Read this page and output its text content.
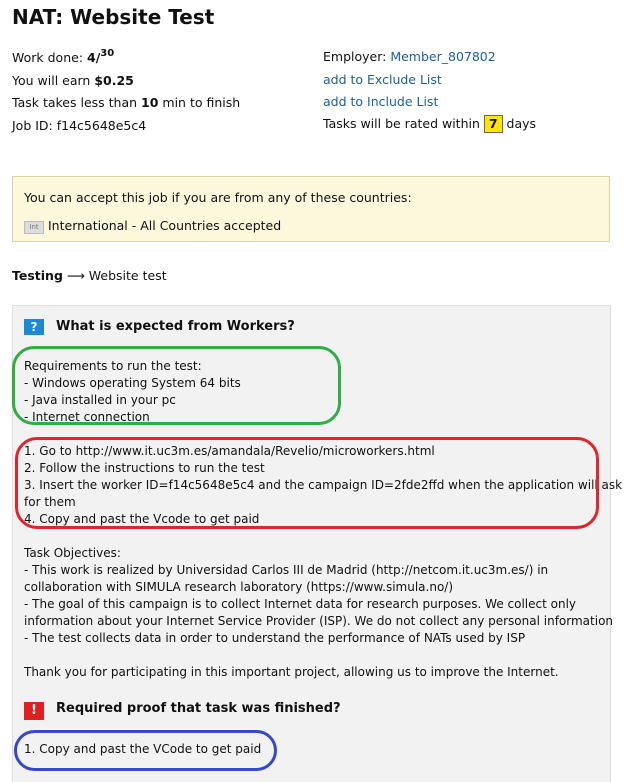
NAT: Website Test
Work done: 4/$^{30}$
You will earn $0.25
Task takes less than 10 min to finish
Job ID: f14c5648e5c4
Employer: Member_807802
add to Exclude List
add to Include List
Tasks will be rated within 7 days
You can accept this job if you are from any of these countries:
Int International - All Countries accepted
Testing ⟶ Website test
? What is expected from Workers?
Requirements to run the test:
- Windows operating System 64 bits
- Java installed in your pc
- Internet connection
1. Go to http://www.it.uc3m.es/amandala/Revelio/microworkers.html
2. Follow the instructions to run the test
3. Insert the worker ID=f14c5648e5c4 and the campaign ID=2fde2ffd when the application will ask
for them
4. Copy and past the Vcode to get paid
Task Objectives:
- This work is realized by Universidad Carlos III de Madrid (http://netcom.it.uc3m.es/) in
collaboration with SIMULA research laboratory (https://www.simula.no/)
- The goal of this campaign is to collect Internet data for research purposes. We collect only
information about your Internet Service Provider (ISP). We do not collect any personal information
- The test collects data in order to understand the performance of NATs used by ISP
Thank you for participating in this important project, allowing us to improve the Internet.
! Required proof that task was finished?
1. Copy and past the VCode to get paid
